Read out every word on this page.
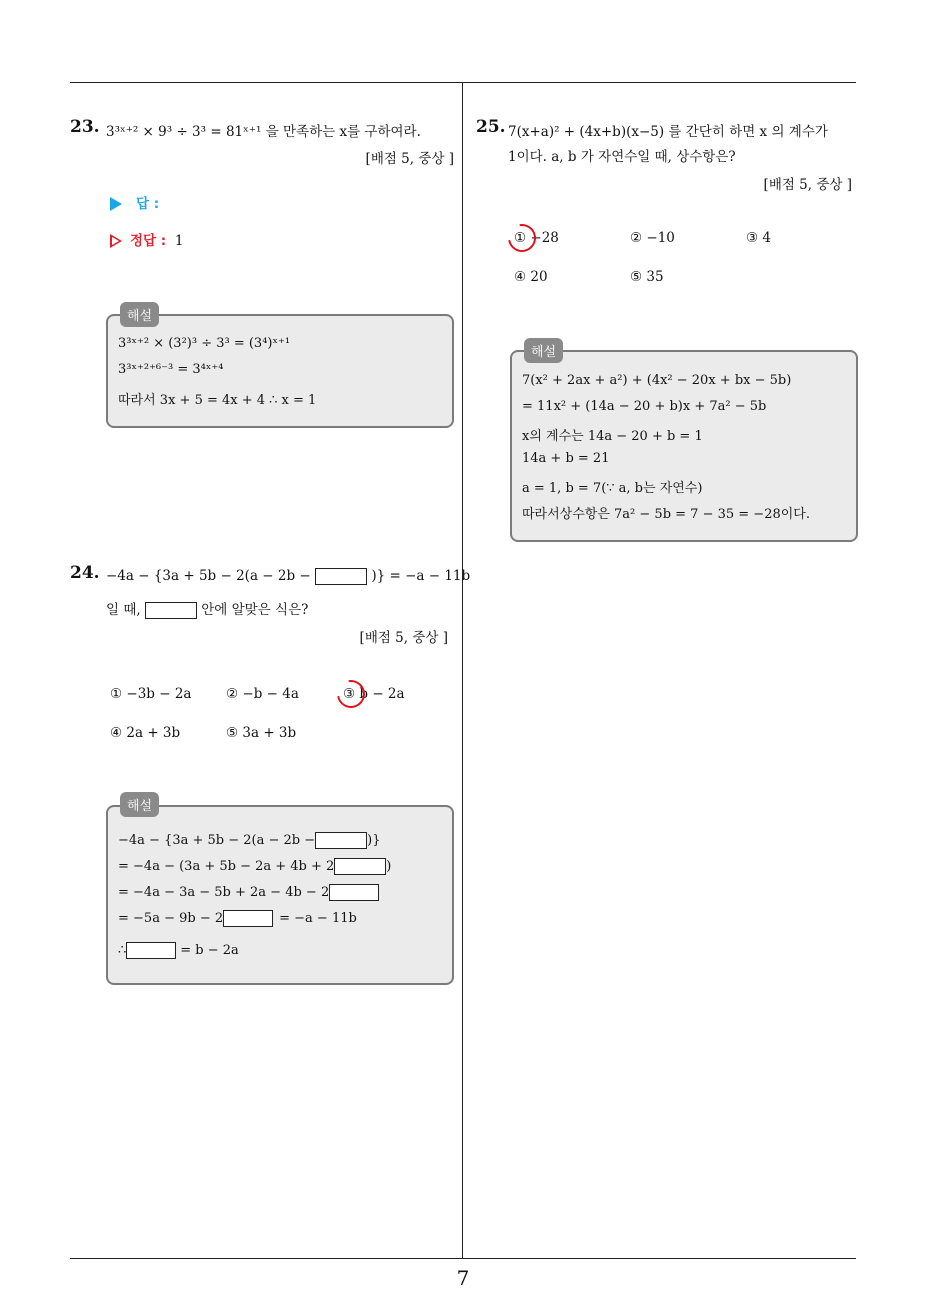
7
23. 3³ˣ⁺² × 9³ ÷ 3³ = 81ˣ⁺¹ 을 만족하는 x를 구하여라.
[배점 5, 중상 ]
답 :
정답 : 1
해설
3³ˣ⁺² × (3²)³ ÷ 3³ = (3⁴)ˣ⁺¹
3³ˣ⁺²⁺⁶⁻³ = 3⁴ˣ⁺⁴
따라서 3x + 5 = 4x + 4 ∴ x = 1
24. −4a − {3a + 5b − 2(a − 2b −	)} = −a − 11b
일 때,	안에 알맞은 식은?
[배점 5, 중상 ]
① −3b − 2a	② −b − 4a	③ b − 2a
④ 2a + 3b	⑤ 3a + 3b
해설
−4a − {3a + 5b − 2(a − 2b −	)}
= −4a − (3a + 5b − 2a + 4b + 2	)
= −4a − 3a − 5b + 2a − 4b − 2
= −5a − 9b − 2	= −a − 11b
∴	= b − 2a
25. 7(x+a)² + (4x+b)(x−5) 를 간단히 하면 x 의 계수가
1이다. a, b 가 자연수일 때, 상수항은?
[배점 5, 중상 ]
① −28	② −10	③ 4
④ 20	⑤ 35
해설
7(x² + 2ax + a²) + (4x² − 20x + bx − 5b)
= 11x² + (14a − 20 + b)x + 7a² − 5b
x의 계수는 14a − 20 + b = 1
14a + b = 21
a = 1, b = 7(∵ a, b는 자연수)
따라서상수항은 7a² − 5b = 7 − 35 = −28이다.
